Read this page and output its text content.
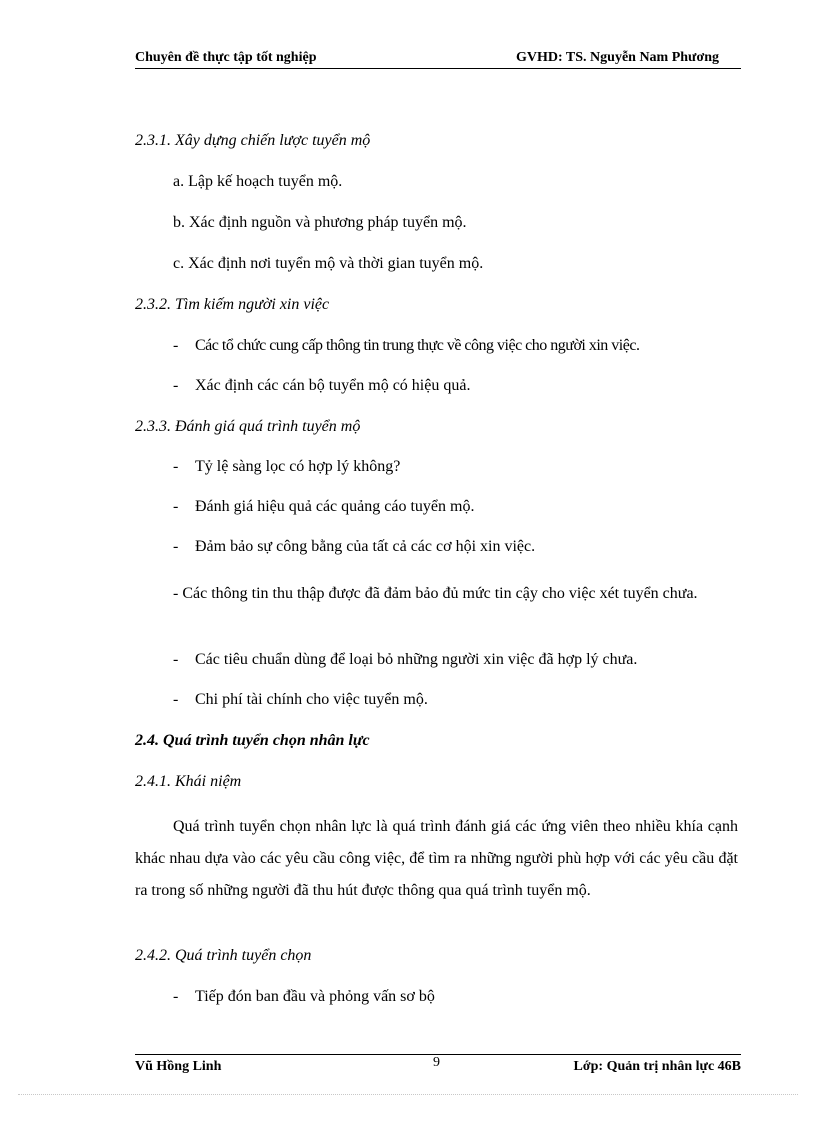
Chuyên đề thực tập tốt nghiệp	GVHD: TS. Nguyễn Nam Phương
2.3.1. Xây dựng chiến lược tuyển mộ
a. Lập kế hoạch tuyển mộ.
b. Xác định nguồn và phương pháp tuyển mộ.
c. Xác định nơi tuyển mộ và thời gian tuyển mộ.
2.3.2. Tìm kiếm người xin việc
- Các tổ chức cung cấp thông tin trung thực về công việc cho người xin việc.
- Xác định các cán bộ tuyển mộ có hiệu quả.
2.3.3. Đánh giá quá trình tuyển mộ
- Tỷ lệ sàng lọc có hợp lý không?
- Đánh giá hiệu quả các quảng cáo tuyển mộ.
- Đảm bảo sự công bằng của tất cả các cơ hội xin việc.
- Các thông tin thu thập được đã đảm bảo đủ mức tin cậy cho việc xét tuyển chưa.
- Các tiêu chuẩn dùng để loại bỏ những người xin việc đã hợp lý chưa.
- Chi phí tài chính cho việc tuyển mộ.
2.4. Quá trình tuyển chọn nhân lực
2.4.1. Khái niệm
Quá trình tuyển chọn nhân lực là quá trình đánh giá các ứng viên theo nhiều khía cạnh khác nhau dựa vào các yêu cầu công việc, để tìm ra những người phù hợp với các yêu cầu đặt ra trong số những người đã thu hút được thông qua quá trình tuyển mộ.
2.4.2. Quá trình tuyển chọn
- Tiếp đón ban đầu và phỏng vấn sơ bộ
Vũ Hồng Linh	9	Lớp: Quản trị nhân lực 46B
